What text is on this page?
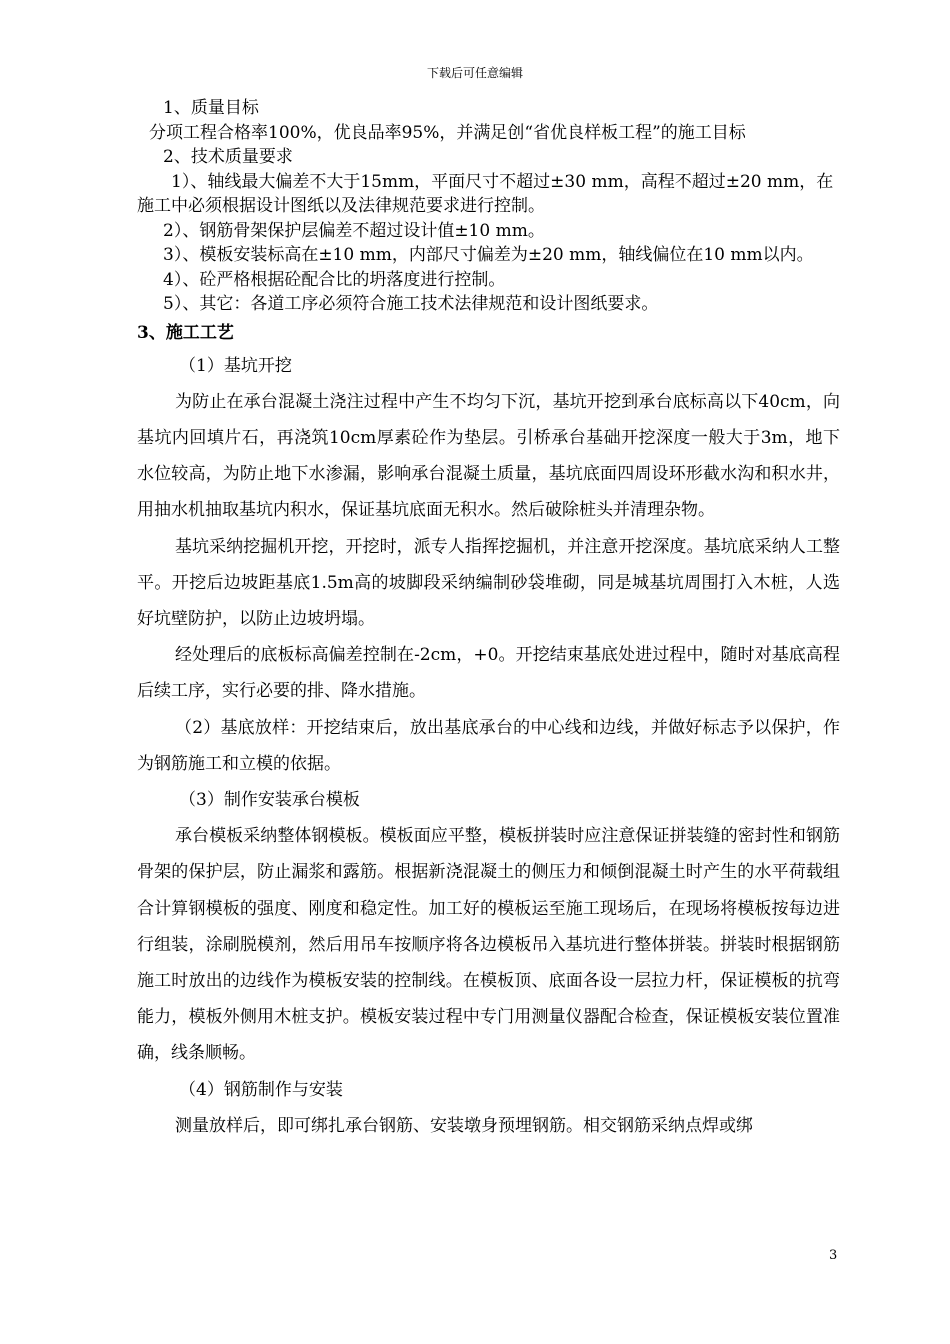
下载后可任意编辑

1、质量目标

分项工程合格率100%，优良品率95%，并满足创“省优良样板工程”的施工目标

2、技术质量要求

1）、轴线最大偏差不大于15mm，平面尺寸不超过±30 mm，高程不超过±20 mm，在施工中必须根据设计图纸以及法律规范要求进行控制。

2）、钢筋骨架保护层偏差不超过设计值±10 mm。

3）、模板安装标高在±10 mm，内部尺寸偏差为±20 mm，轴线偏位在10 mm以内。

4）、砼严格根据砼配合比的坍落度进行控制。

5）、其它：各道工序必须符合施工技术法律规范和设计图纸要求。

3、施工工艺

（1）基坑开挖

为防止在承台混凝土浇注过程中产生不均匀下沉，基坑开挖到承台底标高以下40cm，向基坑内回填片石，再浇筑10cm厚素砼作为垫层。引桥承台基础开挖深度一般大于3m，地下水位较高，为防止地下水渗漏，影响承台混凝土质量，基坑底面四周设环形截水沟和积水井，用抽水机抽取基坑内积水，保证基坑底面无积水。然后破除桩头并清理杂物。

基坑采纳挖掘机开挖，开挖时，派专人指挥挖掘机，并注意开挖深度。基坑底采纳人工整平。开挖后边坡距基底1.5m高的坡脚段采纳编制砂袋堆砌，同是城基坑周围打入木桩，人选好坑壁防护，以防止边坡坍塌。

经处理后的底板标高偏差控制在-2cm，+0。开挖结束基底处进过程中，随时对基底高程后续工序，实行必要的排、降水措施。

（2）基底放样：开挖结束后，放出基底承台的中心线和边线，并做好标志予以保护，作为钢筋施工和立模的依据。

（3）制作安装承台模板

承台模板采纳整体钢模板。模板面应平整，模板拼装时应注意保证拼装缝的密封性和钢筋骨架的保护层，防止漏浆和露筋。根据新浇混凝土的侧压力和倾倒混凝土时产生的水平荷载组合计算钢模板的强度、刚度和稳定性。加工好的模板运至施工现场后，在现场将模板按每边进行组装，涂刷脱模剂，然后用吊车按顺序将各边模板吊入基坑进行整体拼装。拼装时根据钢筋施工时放出的边线作为模板安装的控制线。在模板顶、底面各设一层拉力杆，保证模板的抗弯能力，模板外侧用木桩支护。模板安装过程中专门用测量仪器配合检查，保证模板安装位置准确，线条顺畅。

（4）钢筋制作与安装

测量放样后，即可绑扎承台钢筋、安装墩身预埋钢筋。相交钢筋采纳点焊或绑

3
